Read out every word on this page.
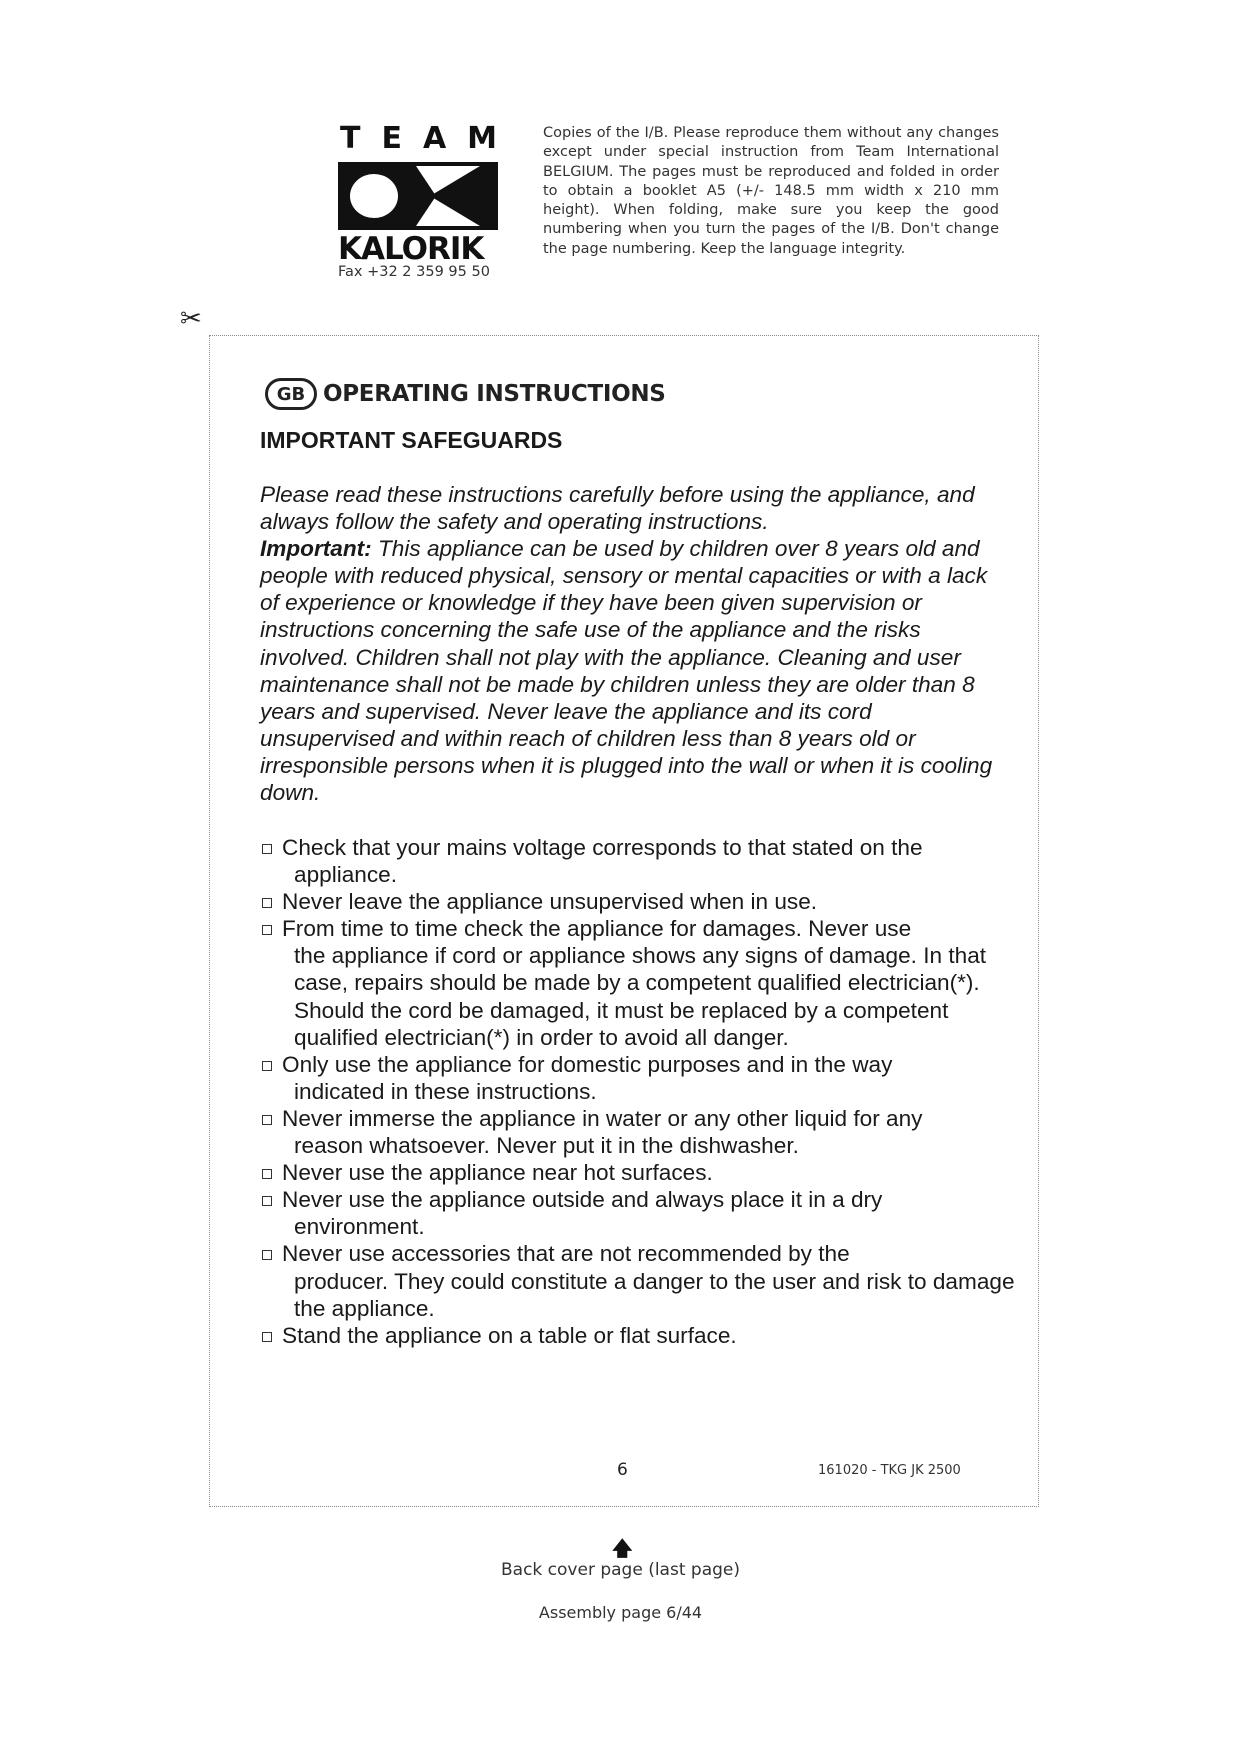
TEAM
KALORIK
Fax +32 2 359 95 50
Copies of the I/B. Please reproduce them without any changes except under special instruction from Team International BELGIUM. The pages must be reproduced and folded in order to obtain a booklet A5 (+/- 148.5 mm width x 210 mm height). When folding, make sure you keep the good numbering when you turn the pages of the I/B. Don't change the page numbering. Keep the language integrity.
✂
GB OPERATING INSTRUCTIONS
IMPORTANT SAFEGUARDS

Please read these instructions carefully before using the appliance, and always follow the safety and operating instructions.

Important: This appliance can be used by children over 8 years old and people with reduced physical, sensory or mental capacities or with a lack of experience or knowledge if they have been given supervision or instructions concerning the safe use of the appliance and the risks involved. Children shall not play with the appliance. Cleaning and user maintenance shall not be made by children unless they are older than 8 years and supervised. Never leave the appliance and its cord unsupervised and within reach of children less than 8 years old or irresponsible persons when it is plugged into the wall or when it is cooling down.

Check that your mains voltage corresponds to that stated on the
appliance.
Never leave the appliance unsupervised when in use.
From time to time check the appliance for damages. Never use
the appliance if cord or appliance shows any signs of damage. In that case, repairs should be made by a competent qualified electrician(*). Should the cord be damaged, it must be replaced by a competent qualified electrician(*) in order to avoid all danger.
Only use the appliance for domestic purposes and in the way
indicated in these instructions.
Never immerse the appliance in water or any other liquid for any
reason whatsoever. Never put it in the dishwasher.
Never use the appliance near hot surfaces.
Never use the appliance outside and always place it in a dry
environment.
Never use accessories that are not recommended by the
producer. They could constitute a danger to the user and risk to damage the appliance.
Stand the appliance on a table or flat surface.
6	161020 - TKG JK 2500
🡅
Back cover page (last page)
Assembly page 6/44
